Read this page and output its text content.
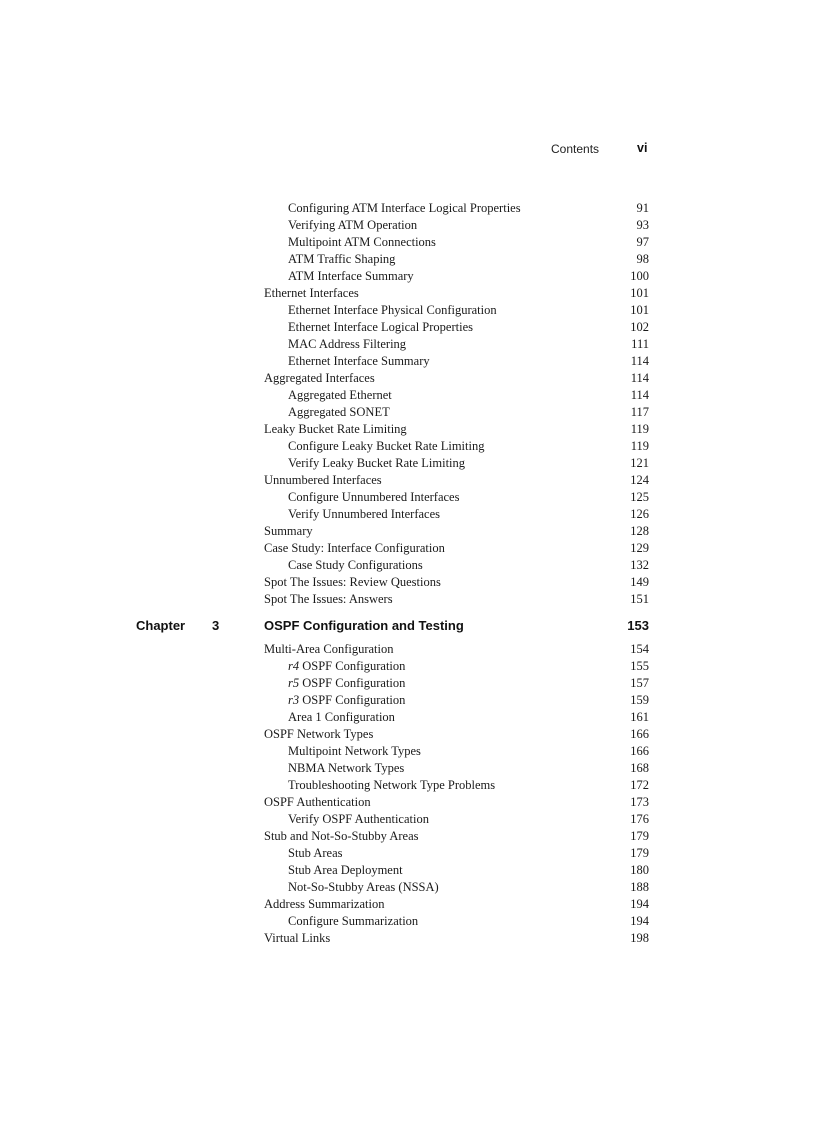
Contents	vi
Configuring ATM Interface Logical Properties	91
Verifying ATM Operation	93
Multipoint ATM Connections	97
ATM Traffic Shaping	98
ATM Interface Summary	100
Ethernet Interfaces	101
Ethernet Interface Physical Configuration	101
Ethernet Interface Logical Properties	102
MAC Address Filtering	111
Ethernet Interface Summary	114
Aggregated Interfaces	114
Aggregated Ethernet	114
Aggregated SONET	117
Leaky Bucket Rate Limiting	119
Configure Leaky Bucket Rate Limiting	119
Verify Leaky Bucket Rate Limiting	121
Unnumbered Interfaces	124
Configure Unnumbered Interfaces	125
Verify Unnumbered Interfaces	126
Summary	128
Case Study: Interface Configuration	129
Case Study Configurations	132
Spot The Issues: Review Questions	149
Spot The Issues: Answers	151
Chapter 3	OSPF Configuration and Testing	153
Multi-Area Configuration	154
r4 OSPF Configuration	155
r5 OSPF Configuration	157
r3 OSPF Configuration	159
Area 1 Configuration	161
OSPF Network Types	166
Multipoint Network Types	166
NBMA Network Types	168
Troubleshooting Network Type Problems	172
OSPF Authentication	173
Verify OSPF Authentication	176
Stub and Not-So-Stubby Areas	179
Stub Areas	179
Stub Area Deployment	180
Not-So-Stubby Areas (NSSA)	188
Address Summarization	194
Configure Summarization	194
Virtual Links	198
